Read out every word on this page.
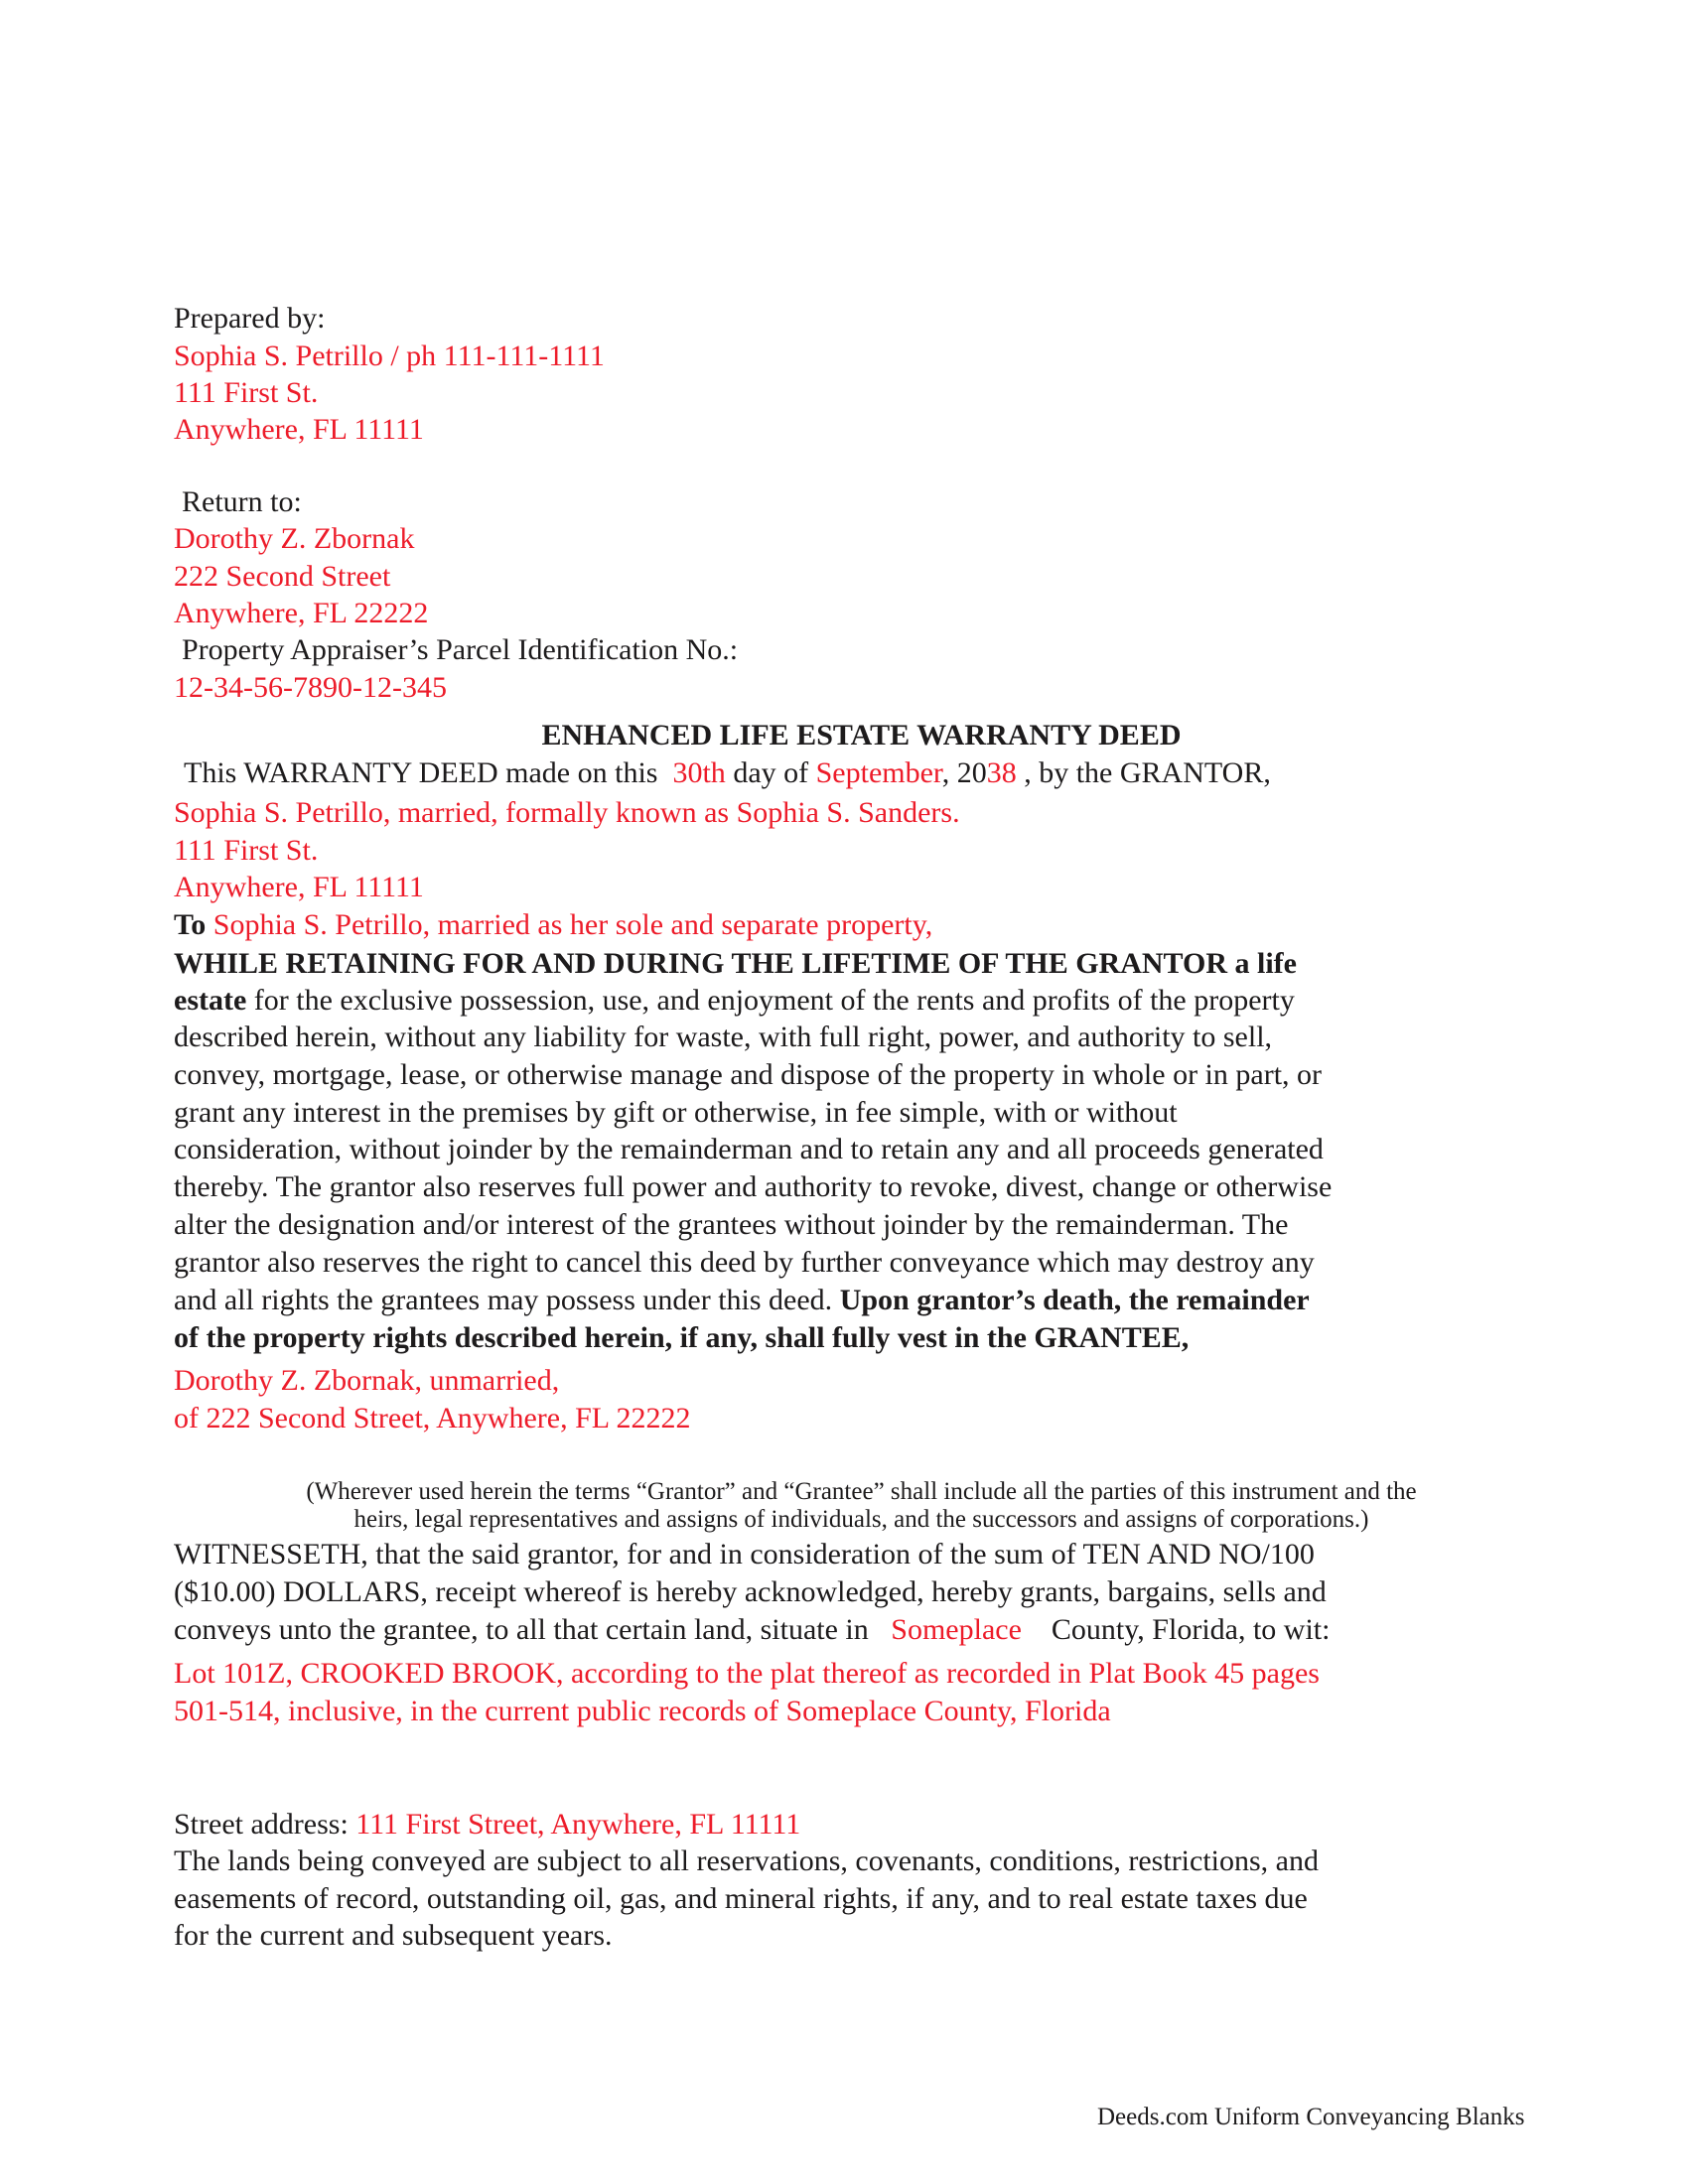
Prepared by:
Sophia S. Petrillo / ph 111-111-1111
111 First St.
Anywhere, FL 11111
Return to:
Dorothy Z. Zbornak
222 Second Street
Anywhere, FL 22222
Property Appraiser’s Parcel Identification No.:
12-34-56-7890-12-345
ENHANCED LIFE ESTATE WARRANTY DEED
This WARRANTY DEED made on this  30th day of September, 2038 , by the GRANTOR,
Sophia S. Petrillo, married, formally known as Sophia S. Sanders.
111 First St.
Anywhere, FL 11111
To Sophia S. Petrillo, married as her sole and separate property,
WHILE RETAINING FOR AND DURING THE LIFETIME OF THE GRANTOR a life
estate for the exclusive possession, use, and enjoyment of the rents and profits of the property
described herein, without any liability for waste, with full right, power, and authority to sell,
convey, mortgage, lease, or otherwise manage and dispose of the property in whole or in part, or
grant any interest in the premises by gift or otherwise, in fee simple, with or without
consideration, without joinder by the remainderman and to retain any and all proceeds generated
thereby. The grantor also reserves full power and authority to revoke, divest, change or otherwise
alter the designation and/or interest of the grantees without joinder by the remainderman. The
grantor also reserves the right to cancel this deed by further conveyance which may destroy any
and all rights the grantees may possess under this deed. Upon grantor’s death, the remainder
of the property rights described herein, if any, shall fully vest in the GRANTEE,
Dorothy Z. Zbornak, unmarried,
of 222 Second Street, Anywhere, FL 22222
(Wherever used herein the terms “Grantor” and “Grantee” shall include all the parties of this instrument and the
heirs, legal representatives and assigns of individuals, and the successors and assigns of corporations.)
WITNESSETH, that the said grantor, for and in consideration of the sum of TEN AND NO/100
($10.00) DOLLARS, receipt whereof is hereby acknowledged, hereby grants, bargains, sells and
conveys unto the grantee, to all that certain land, situate in   Someplace    County, Florida, to wit:
Lot 101Z, CROOKED BROOK, according to the plat thereof as recorded in Plat Book 45 pages
501-514, inclusive, in the current public records of Someplace County, Florida
Street address: 111 First Street, Anywhere, FL 11111
The lands being conveyed are subject to all reservations, covenants, conditions, restrictions, and
easements of record, outstanding oil, gas, and mineral rights, if any, and to real estate taxes due
for the current and subsequent years.
Deeds.com Uniform Conveyancing Blanks
